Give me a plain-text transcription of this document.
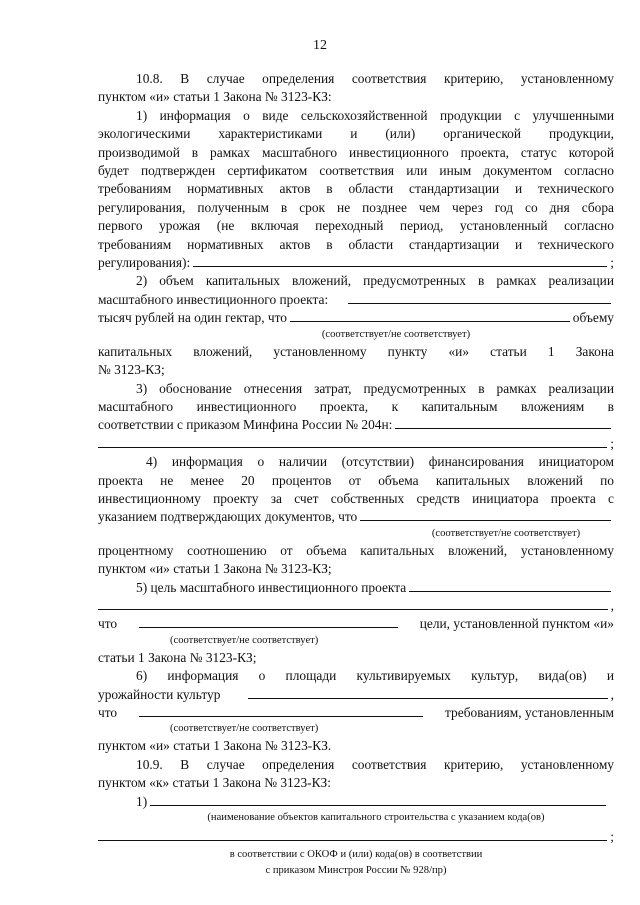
12

10.8. В случае определения соответствия критерию, установленному

пунктом «и» статьи 1 Закона № 3123-КЗ:

1) информация о виде сельскохозяйственной продукции с улучшенными

экологическими характеристиками и (или) органической продукции,

производимой в рамках масштабного инвестиционного проекта, статус которой

будет подтвержден сертификатом соответствия или иным документом согласно

требованиям нормативных актов в области стандартизации и технического

регулирования, полученным в срок не позднее чем через год со дня сбора

первого урожая (не включая переходный период, установленный согласно

требованиям нормативных актов в области стандартизации и технического

регулирования):	;

2) объем капитальных вложений, предусмотренных в рамках реализации

масштабного инвестиционного проекта:
тысяч рублей на один гектар, что	объему
(соответствует/не соответствует)

капитальных вложений, установленному пункту «и» статьи 1 Закона

№ 3123-КЗ;

3) обоснование отнесения затрат, предусмотренных в рамках реализации

масштабного инвестиционного проекта, к капитальным вложениям в

соответствии с приказом Минфина России № 204н:
;

4) информация о наличии (отсутствии) финансирования инициатором

проекта не менее 20 процентов от объема капитальных вложений по

инвестиционному проекту за счет собственных средств инициатора проекта с

указанием подтверждающих документов, что
(соответствует/не соответствует)

процентному соотношению от объема капитальных вложений, установленному

пунктом «и» статьи 1 Закона № 3123-КЗ;

5) цель масштабного инвестиционного проекта
,
что	цели, установленной пунктом «и»
(соответствует/не соответствует)

статьи 1 Закона № 3123-КЗ;

6) информация о площади культивируемых культур, вида(ов) и

урожайности культур	,
что	требованиям, установленным
(соответствует/не соответствует)

пунктом «и» статьи 1 Закона № 3123-КЗ.

10.9. В случае определения соответствия критерию, установленному

пунктом «к» статьи 1 Закона № 3123-КЗ:

1)
(наименование объектов капитального строительства с указанием кода(ов)
;
в соответствии с ОКОФ и (или) кода(ов) в соответствии
с приказом Минстроя России № 928/пр)
